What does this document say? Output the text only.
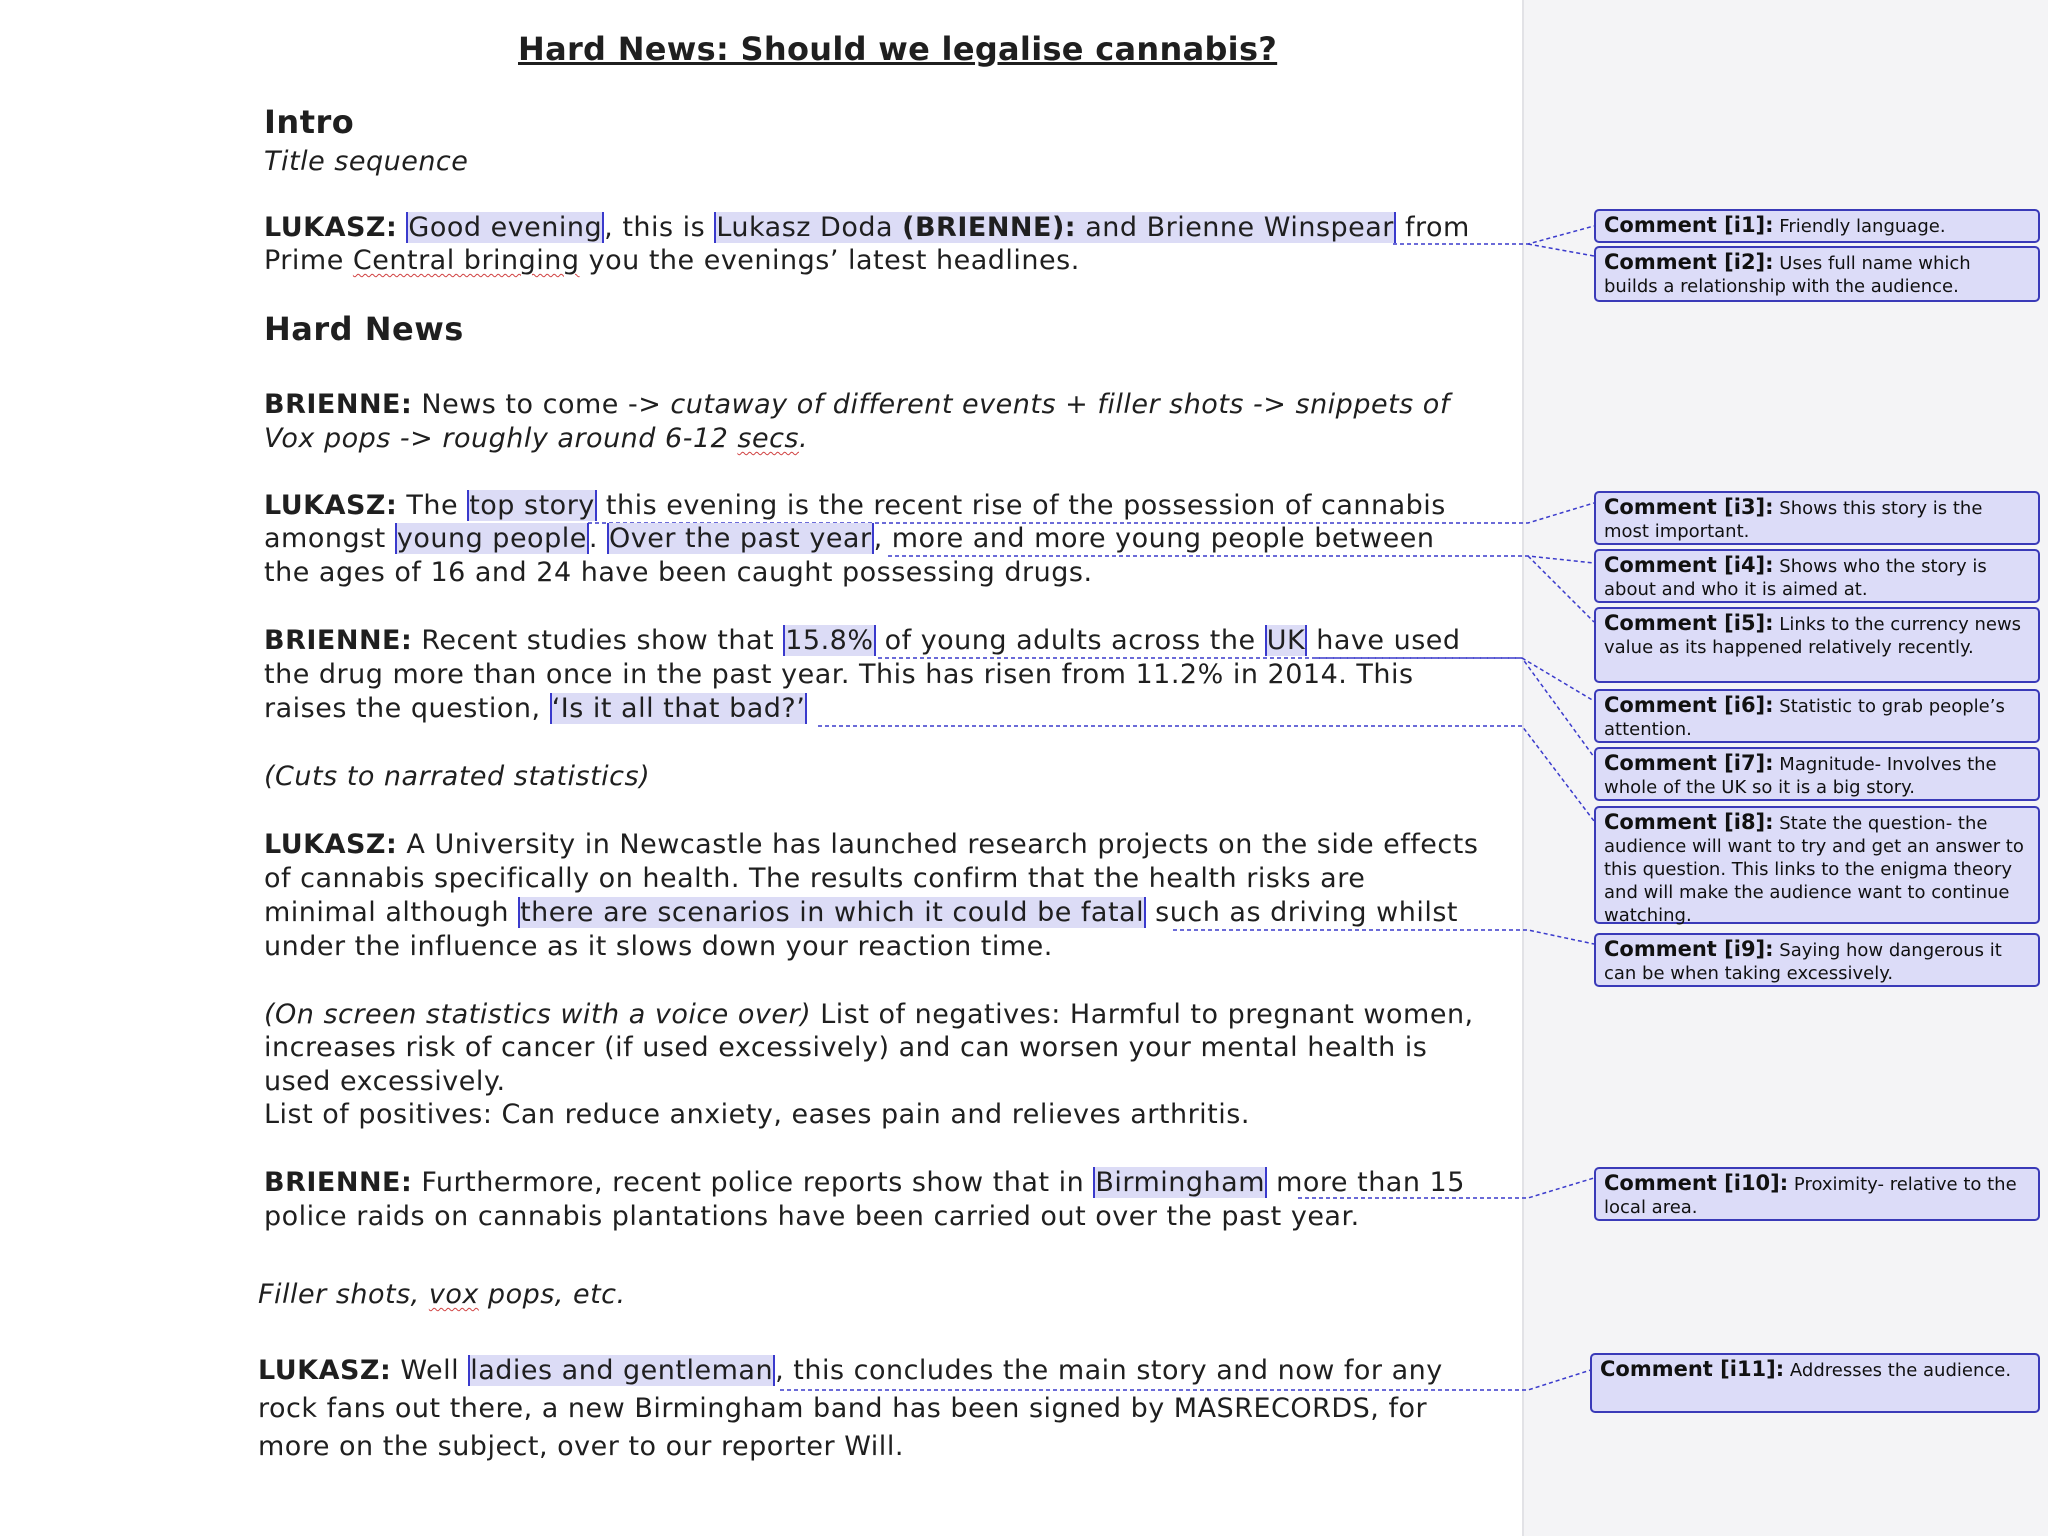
Hard News: Should we legalise cannabis?
Intro
Title sequence
LUKASZ: Good evening, this is Lukasz Doda (BRIENNE): and Brienne Winspear from
Prime Central bringing you the evenings’ latest headlines.
Hard News
BRIENNE: News to come -> cutaway of different events + filler shots -> snippets of
Vox pops -> roughly around 6-12 secs.
LUKASZ: The top story this evening is the recent rise of the possession of cannabis
amongst young people. Over the past year, more and more young people between
the ages of 16 and 24 have been caught possessing drugs.
BRIENNE: Recent studies show that 15.8% of young adults across the UK have used
the drug more than once in the past year. This has risen from 11.2% in 2014. This
raises the question, ‘Is it all that bad?’
(Cuts to narrated statistics)
LUKASZ: A University in Newcastle has launched research projects on the side effects
of cannabis specifically on health. The results confirm that the health risks are
minimal although there are scenarios in which it could be fatal such as driving whilst
under the influence as it slows down your reaction time.
(On screen statistics with a voice over) List of negatives: Harmful to pregnant women,
increases risk of cancer (if used excessively) and can worsen your mental health is
used excessively.
List of positives: Can reduce anxiety, eases pain and relieves arthritis.
BRIENNE: Furthermore, recent police reports show that in Birmingham more than 15
police raids on cannabis plantations have been carried out over the past year.
Filler shots, vox pops, etc.
LUKASZ: Well ladies and gentleman, this concludes the main story and now for any
rock fans out there, a new Birmingham band has been signed by MASRECORDS, for
more on the subject, over to our reporter Will.
Comment [i1]: Friendly language.
Comment [i2]: Uses full name which builds a relationship with the audience.
Comment [i3]: Shows this story is the most important.
Comment [i4]: Shows who the story is about and who it is aimed at.
Comment [i5]: Links to the currency news value as its happened relatively recently.
Comment [i6]: Statistic to grab people’s attention.
Comment [i7]: Magnitude- Involves the whole of the UK so it is a big story.
Comment [i8]: State the question- the audience will want to try and get an answer to this question. This links to the enigma theory and will make the audience want to continue watching.
Comment [i9]: Saying how dangerous it can be when taking excessively.
Comment [i10]: Proximity- relative to the local area.
Comment [i11]: Addresses the audience.
